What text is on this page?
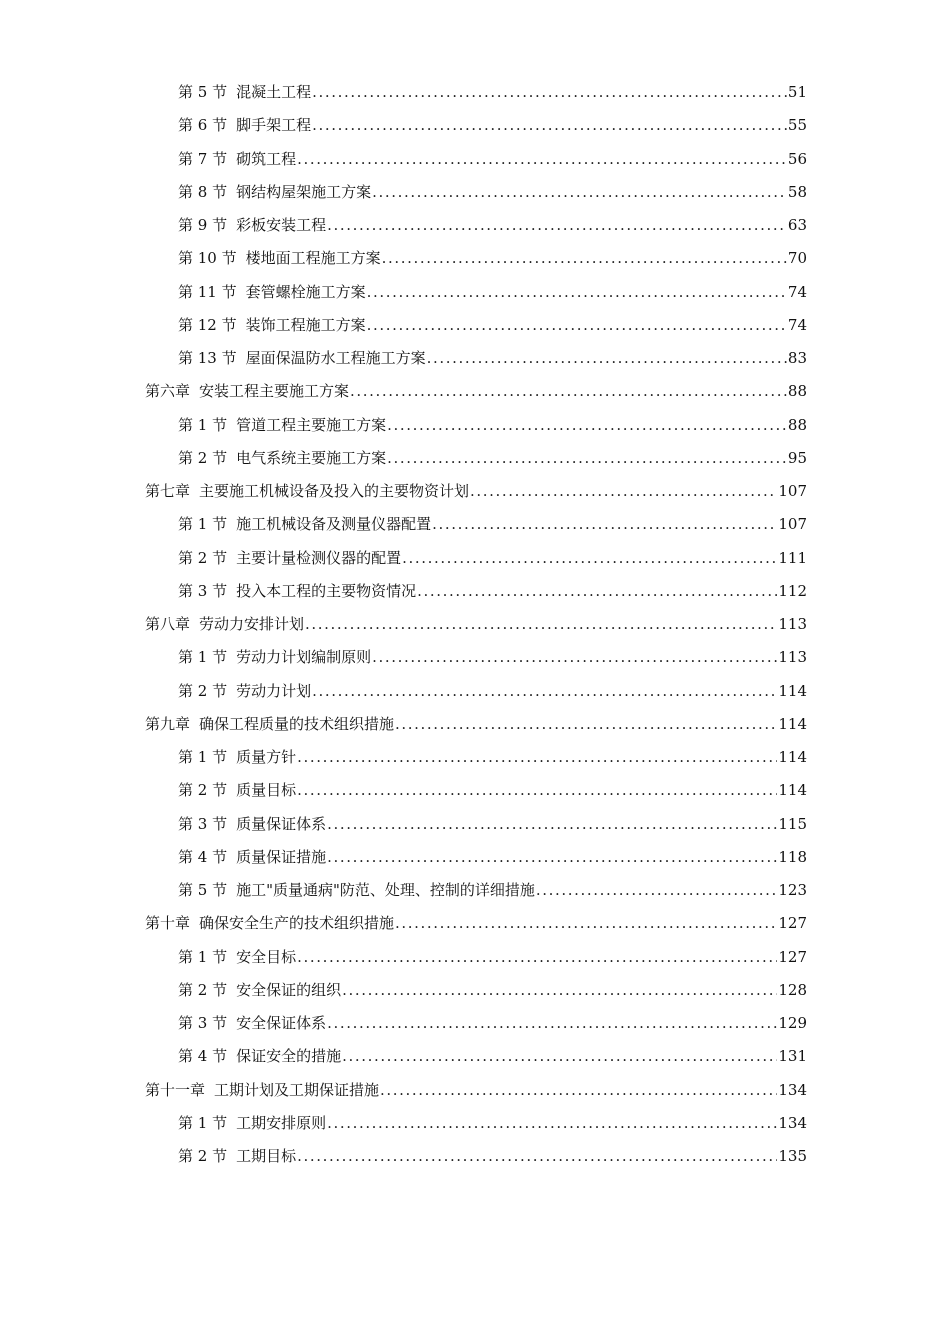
第 5 节 混凝土工程 .....	51
第 6 节 脚手架工程 .....	55
第 7 节 砌筑工程 .....	56
第 8 节 钢结构屋架施工方案 .....	58
第 9 节 彩板安装工程 .....	63
第 10 节 楼地面工程施工方案 .....	70
第 11 节 套管螺栓施工方案 .....	74
第 12 节 装饰工程施工方案 .....	74
第 13 节 屋面保温防水工程施工方案 .....	83
第六章 安装工程主要施工方案 .....	88
第 1 节 管道工程主要施工方案 .....	88
第 2 节 电气系统主要施工方案 .....	95
第七章 主要施工机械设备及投入的主要物资计划 .....	107
第 1 节 施工机械设备及测量仪器配置 .....	107
第 2 节 主要计量检测仪器的配置 .....	111
第 3 节 投入本工程的主要物资情况 .....	112
第八章 劳动力安排计划 .....	113
第 1 节 劳动力计划编制原则 .....	113
第 2 节 劳动力计划 .....	114
第九章 确保工程质量的技术组织措施 .....	114
第 1 节 质量方针 .....	114
第 2 节 质量目标 .....	114
第 3 节 质量保证体系 .....	115
第 4 节 质量保证措施 .....	118
第 5 节 施工"质量通病"防范、处理、控制的详细措施 .....	123
第十章 确保安全生产的技术组织措施 .....	127
第 1 节 安全目标 .....	127
第 2 节 安全保证的组织 .....	128
第 3 节 安全保证体系 .....	129
第 4 节 保证安全的措施 .....	131
第十一章 工期计划及工期保证措施 .....	134
第 1 节 工期安排原则 .....	134
第 2 节 工期目标 .....	135
